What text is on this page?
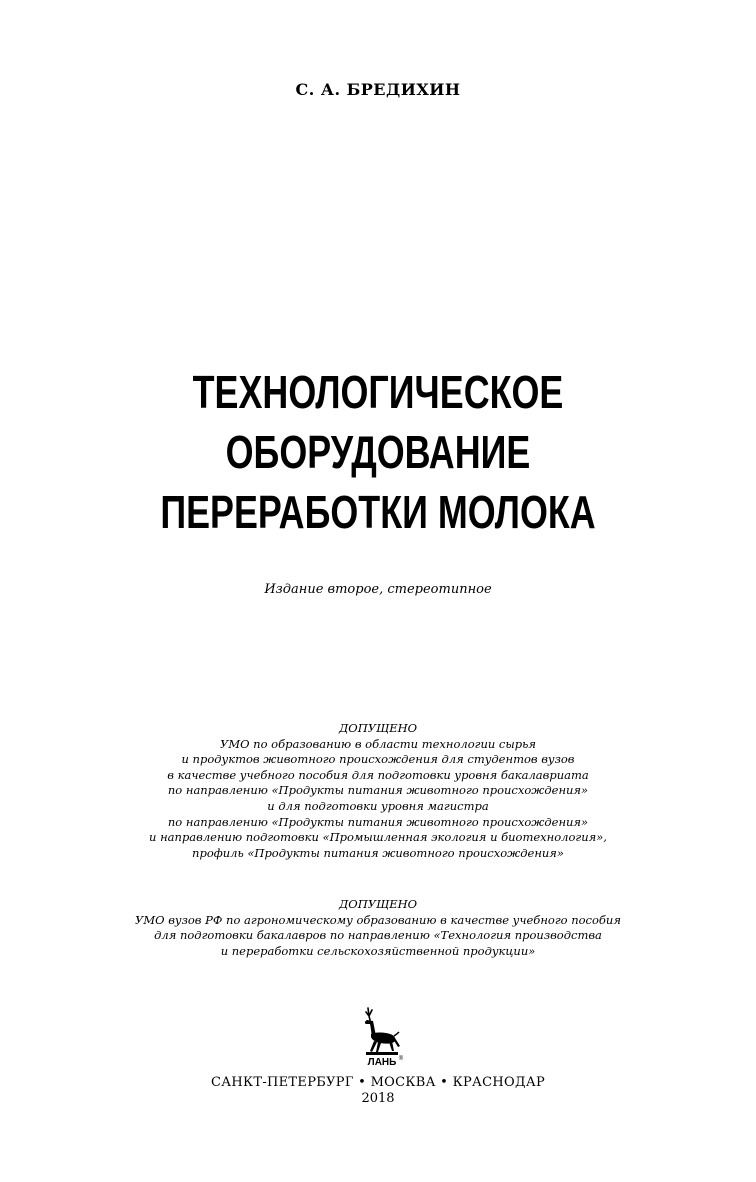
С. А. БРЕДИХИН
ТЕХНОЛОГИЧЕСКОЕ
ОБОРУДОВАНИЕ
ПЕРЕРАБОТКИ МОЛОКА
Издание второе, стереотипное
ДОПУЩЕНО
УМО по образованию в области технологии сырья
и продуктов животного происхождения для студентов вузов
в качестве учебного пособия для подготовки уровня бакалавриата
по направлению «Продукты питания животного происхождения»
и для подготовки уровня магистра
по направлению «Продукты питания животного происхождения»
и направлению подготовки «Промышленная экология и биотехнология»,
профиль «Продукты питания животного происхождения»
ДОПУЩЕНО
УМО вузов РФ по агрономическому образованию в качестве учебного пособия
для подготовки бакалавров по направлению «Технология производства
и переработки сельскохозяйственной продукции»
ЛАНЬ ®
САНКТ-ПЕТЕРБУРГ • МОСКВА • КРАСНОДАР
2018
